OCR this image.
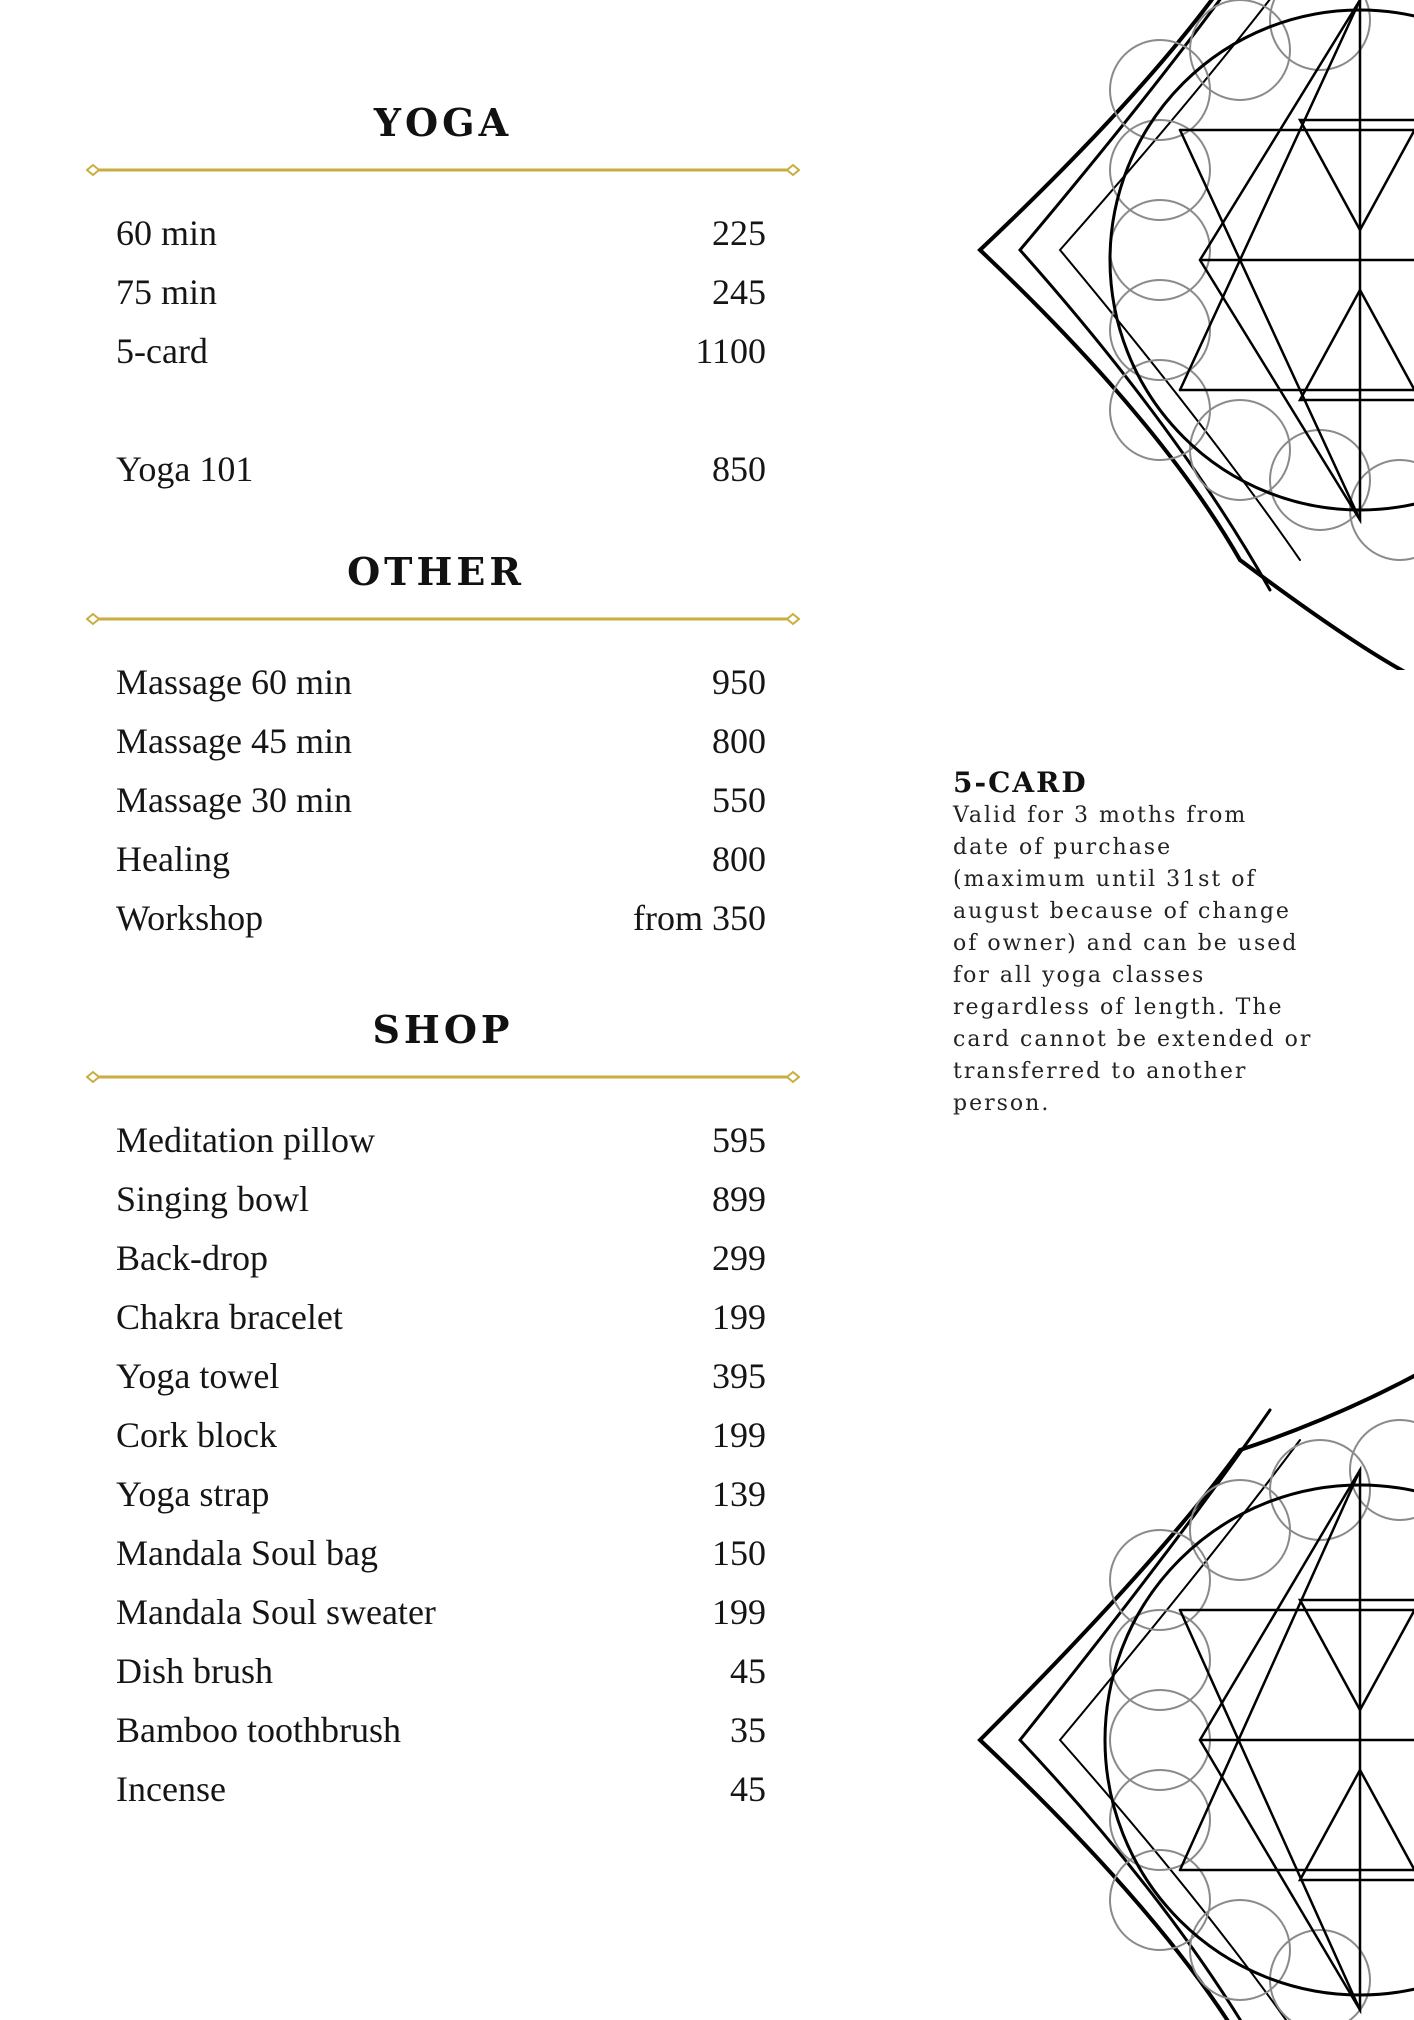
YOGA
60 min	225
75 min	245
5-card	1100
Yoga 101	850
OTHER
Massage 60 min	950
Massage 45 min	800
Massage 30 min	550
Healing	800
Workshop	from 350
SHOP
Meditation pillow	595
Singing bowl	899
Back-drop	299
Chakra bracelet	199
Yoga towel	395
Cork block	199
Yoga strap	139
Mandala Soul bag	150
Mandala Soul sweater	199
Dish brush	45
Bamboo toothbrush	35
Incense	45
5-CARD
Valid for 3 moths from date of purchase (maximum until 31st of august because of change of owner) and can be used for all yoga classes regardless of length. The card cannot be extended or transferred to another person.
